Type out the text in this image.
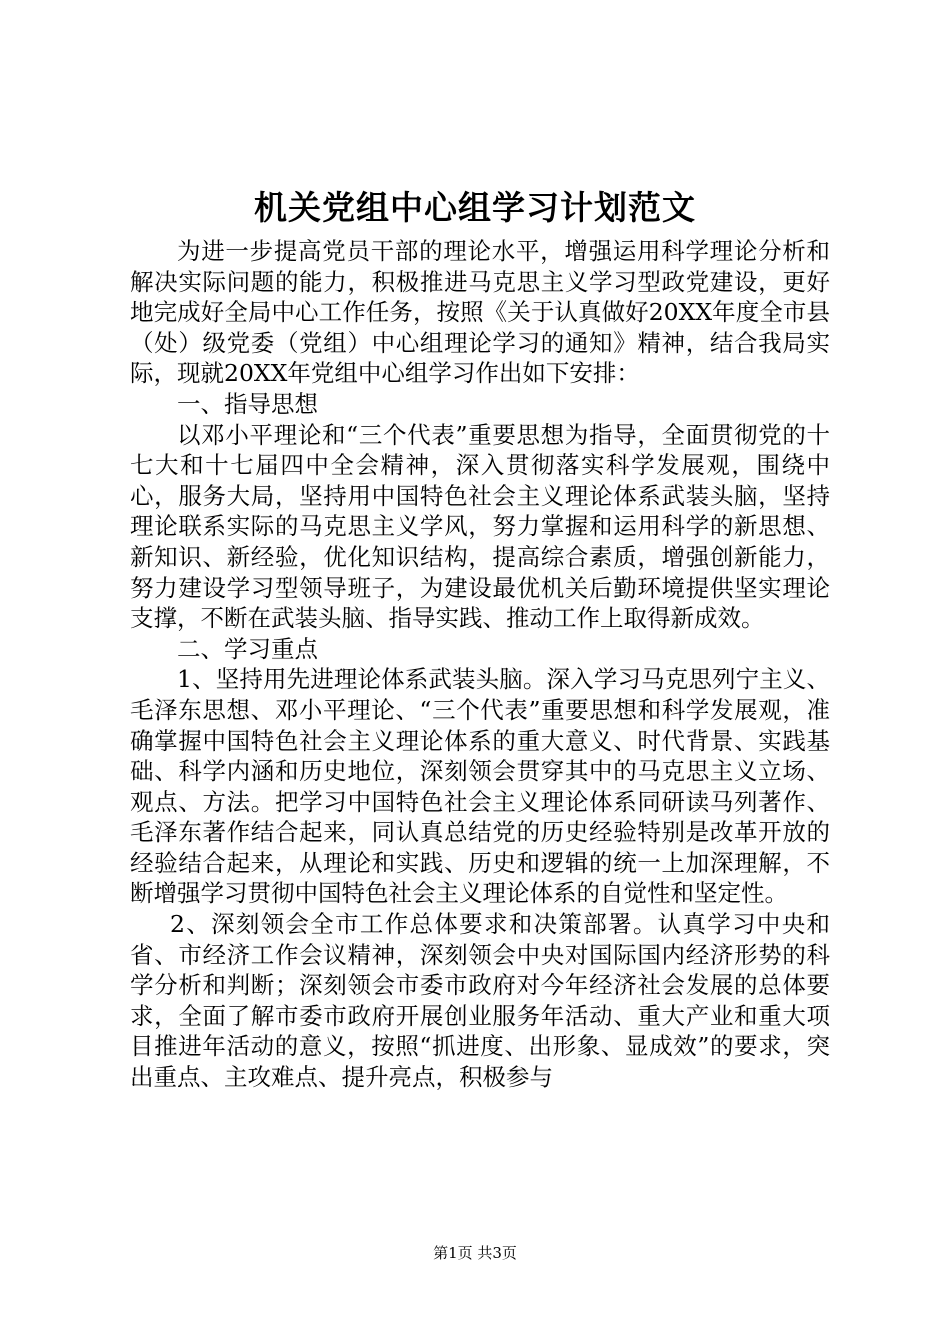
机关党组中心组学习计划范文

为进一步提高党员干部的理论水平，增强运用科学理论分析和解决实际问题的能力，积极推进马克思主义学习型政党建设，更好地完成好全局中心工作任务，按照《关于认真做好20XX年度全市县（处）级党委（党组）中心组理论学习的通知》精神，结合我局实际，现就20XX年党组中心组学习作出如下安排：

一、指导思想

以邓小平理论和“三个代表”重要思想为指导，全面贯彻党的十七大和十七届四中全会精神，深入贯彻落实科学发展观，围绕中心，服务大局，坚持用中国特色社会主义理论体系武装头脑，坚持理论联系实际的马克思主义学风，努力掌握和运用科学的新思想、新知识、新经验，优化知识结构，提高综合素质，增强创新能力，努力建设学习型领导班子，为建设最优机关后勤环境提供坚实理论支撑，不断在武装头脑、指导实践、推动工作上取得新成效。

二、学习重点

1、坚持用先进理论体系武装头脑。深入学习马克思列宁主义、毛泽东思想、邓小平理论、“三个代表”重要思想和科学发展观，准确掌握中国特色社会主义理论体系的重大意义、时代背景、实践基础、科学内涵和历史地位，深刻领会贯穿其中的马克思主义立场、观点、方法。把学习中国特色社会主义理论体系同研读马列著作、毛泽东著作结合起来，同认真总结党的历史经验特别是改革开放的经验结合起来，从理论和实践、历史和逻辑的统一上加深理解，不断增强学习贯彻中国特色社会主义理论体系的自觉性和坚定性。

2、深刻领会全市工作总体要求和决策部署。认真学习中央和省、市经济工作会议精神，深刻领会中央对国际国内经济形势的科学分析和判断；深刻领会市委市政府对今年经济社会发展的总体要求，全面了解市委市政府开展创业服务年活动、重大产业和重大项目推进年活动的意义，按照“抓进度、出形象、显成效”的要求，突出重点、主攻难点、提升亮点，积极参与

第1页 共3页
